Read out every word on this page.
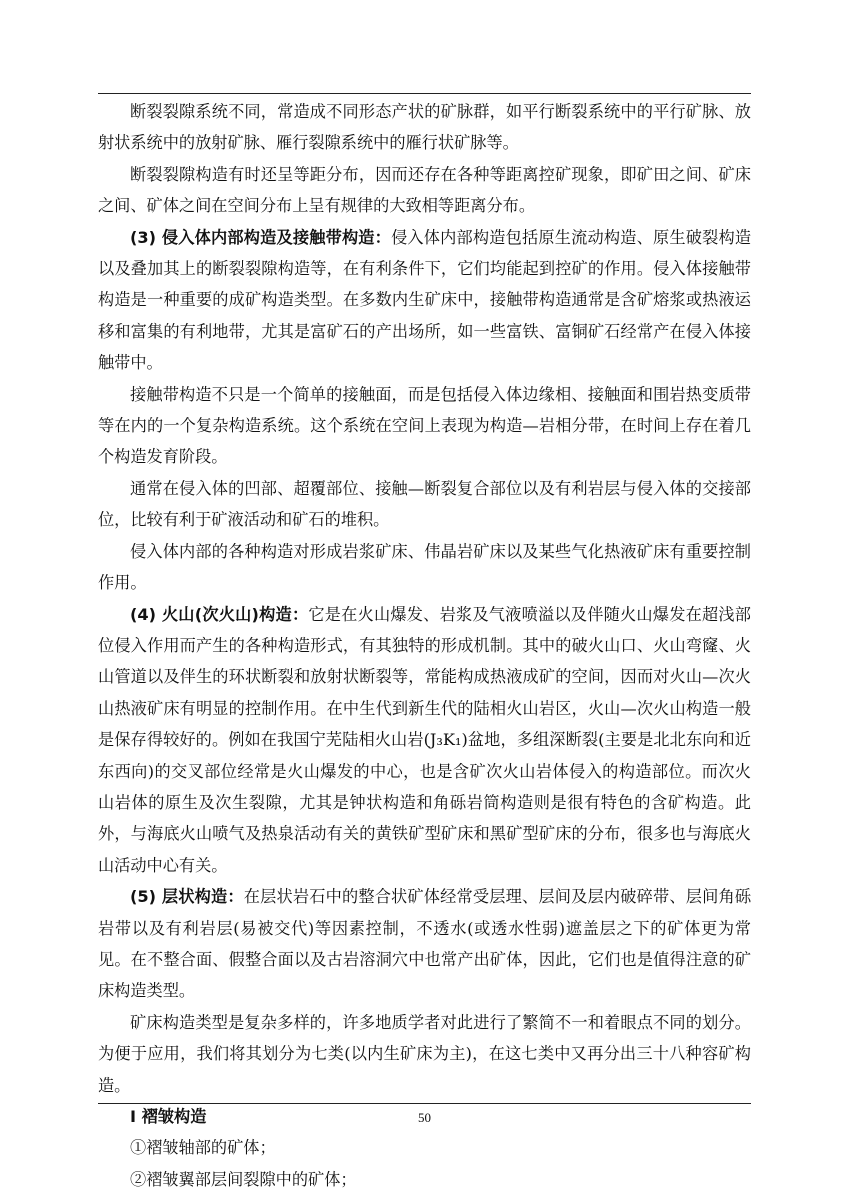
断裂裂隙系统不同，常造成不同形态产状的矿脉群，如平行断裂系统中的平行矿脉、放射状系统中的放射矿脉、雁行裂隙系统中的雁行状矿脉等。

断裂裂隙构造有时还呈等距分布，因而还存在各种等距离控矿现象，即矿田之间、矿床之间、矿体之间在空间分布上呈有规律的大致相等距离分布。

(3) 侵入体内部构造及接触带构造：侵入体内部构造包括原生流动构造、原生破裂构造以及叠加其上的断裂裂隙构造等，在有利条件下，它们均能起到控矿的作用。侵入体接触带构造是一种重要的成矿构造类型。在多数内生矿床中，接触带构造通常是含矿熔浆或热液运移和富集的有利地带，尤其是富矿石的产出场所，如一些富铁、富铜矿石经常产在侵入体接触带中。

接触带构造不只是一个简单的接触面，而是包括侵入体边缘相、接触面和围岩热变质带等在内的一个复杂构造系统。这个系统在空间上表现为构造—岩相分带，在时间上存在着几个构造发育阶段。

通常在侵入体的凹部、超覆部位、接触—断裂复合部位以及有利岩层与侵入体的交接部位，比较有利于矿液活动和矿石的堆积。

侵入体内部的各种构造对形成岩浆矿床、伟晶岩矿床以及某些气化热液矿床有重要控制作用。

(4) 火山(次火山)构造：它是在火山爆发、岩浆及气液喷溢以及伴随火山爆发在超浅部位侵入作用而产生的各种构造形式，有其独特的形成机制。其中的破火山口、火山弯窿、火山管道以及伴生的环状断裂和放射状断裂等，常能构成热液成矿的空间，因而对火山—次火山热液矿床有明显的控制作用。在中生代到新生代的陆相火山岩区，火山—次火山构造一般是保存得较好的。例如在我国宁芜陆相火山岩(J₃K₁)盆地，多组深断裂(主要是北北东向和近东西向)的交叉部位经常是火山爆发的中心，也是含矿次火山岩体侵入的构造部位。而次火山岩体的原生及次生裂隙，尤其是钟状构造和角砾岩筒构造则是很有特色的含矿构造。此外，与海底火山喷气及热泉活动有关的黄铁矿型矿床和黑矿型矿床的分布，很多也与海底火山活动中心有关。

(5) 层状构造：在层状岩石中的整合状矿体经常受层理、层间及层内破碎带、层间角砾岩带以及有利岩层(易被交代)等因素控制，不透水(或透水性弱)遮盖层之下的矿体更为常见。在不整合面、假整合面以及古岩溶洞穴中也常产出矿体，因此，它们也是值得注意的矿床构造类型。

矿床构造类型是复杂多样的，许多地质学者对此进行了繁简不一和着眼点不同的划分。为便于应用，我们将其划分为七类(以内生矿床为主)，在这七类中又再分出三十八种容矿构造。

Ⅰ 褶皱构造

①褶皱轴部的矿体；

②褶皱翼部层间裂隙中的矿体；

50
